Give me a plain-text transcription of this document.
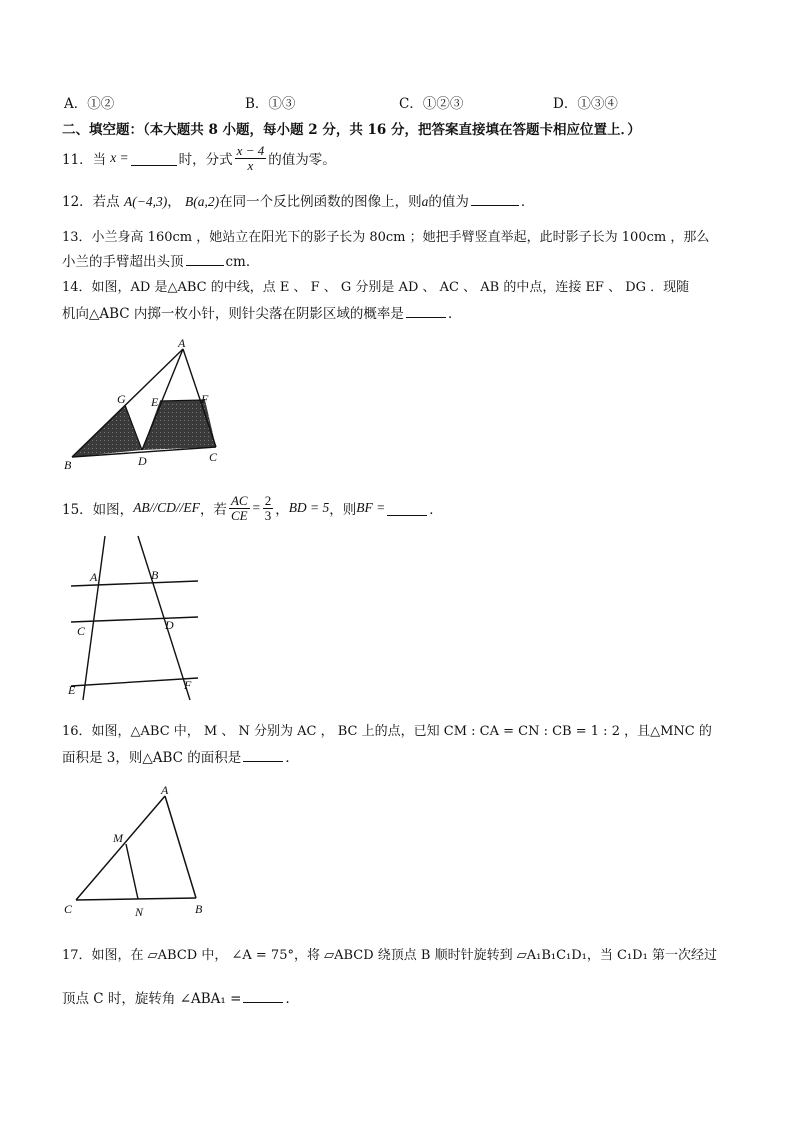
A．①②	B．①③	C．①②③	D．①③④
二、填空题：（本大题共 8 小题，每小题 2 分，共 16 分，把答案直接填在答题卡相应位置上．）
11．当 x =	时，分式 $\frac{x - 4}{x}$ 的值为零。
12．若点 A(−4,3)， B(a,2)在同一个反比例函数的图像上，则a的值为	．
13．小兰身高 160cm ，她站立在阳光下的影子长为 80cm ；她把手臂竖直举起，此时影子长为 100cm ，那么
小兰的手臂超出头顶	cm．
14．如图，AD 是△ABC 的中线，点 E 、 F 、 G 分别是 AD 、 AC 、 AB 的中点，连接 EF 、 DG ．现随
机向△ABC 内掷一枚小针，则针尖落在阴影区域的概率是	．
A
G E	F
B	D	C
15．如图， AB//CD//EF ，若 $\frac{AC}{CE} = \frac{2}{3}$ ， BD = 5 ，则 BF =	．
A	B
C	D
E	F
16．如图，△ABC 中， M 、 N 分别为 AC ， BC 上的点，已知 CM : CA = CN : CB = 1 : 2 ，且△MNC 的
面积是 3，则△ABC 的面积是	．
A
M
C	N	B
17．如图，在 ▱ABCD 中， ∠A = 75°，将 ▱ABCD 绕顶点 B 顺时针旋转到 ▱A₁B₁C₁D₁，当 C₁D₁ 第一次经过
顶点 C 时，旋转角 ∠ABA₁ =	．
